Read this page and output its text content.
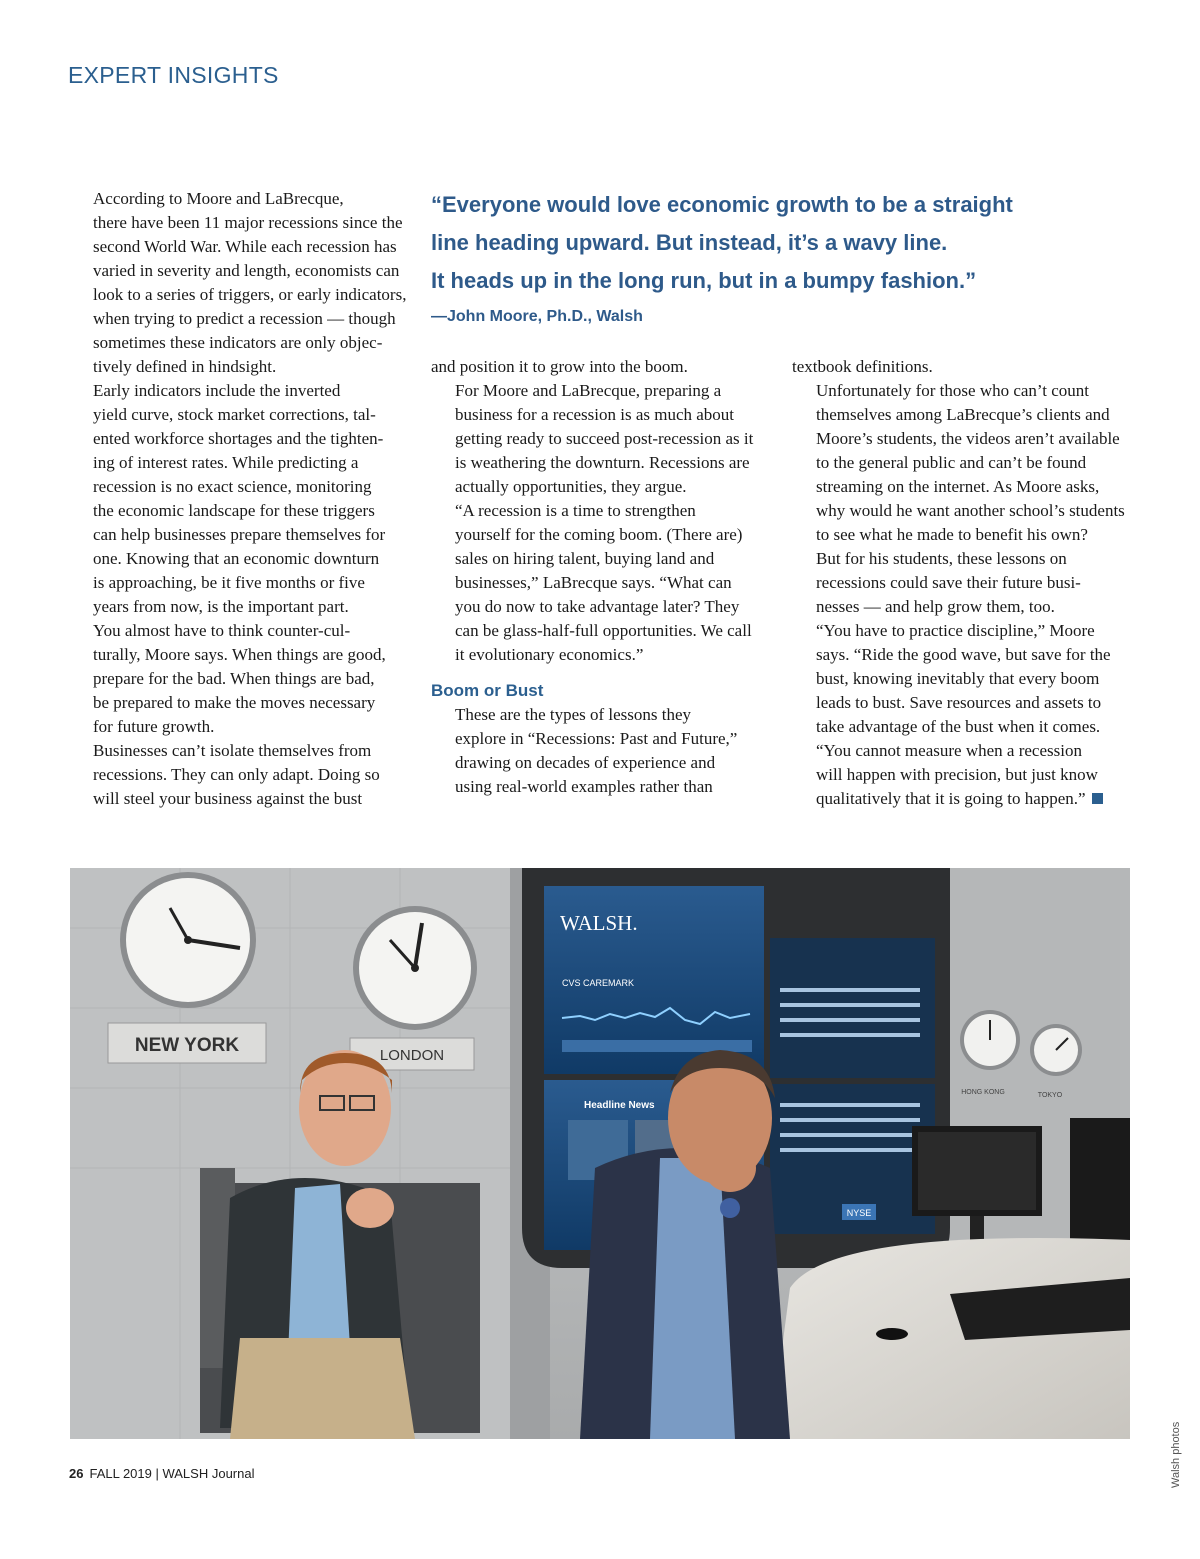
EXPERT INSIGHTS
“Everyone would love economic growth to be a straight
line heading upward. But instead, it’s a wavy line.
It heads up in the long run, but in a bumpy fashion.”
—John Moore, Ph.D., Walsh

According to Moore and LaBrecque,
there have been 11 major recessions since the
second World War. While each recession has
varied in severity and length, economists can
look to a series of triggers, or early indicators,
when trying to predict a recession — though
sometimes these indicators are only objec-
tively defined in hindsight.

Early indicators include the inverted
yield curve, stock market corrections, tal-
ented workforce shortages and the tighten-
ing of interest rates. While predicting a
recession is no exact science, monitoring
the economic landscape for these triggers
can help businesses prepare themselves for
one. Knowing that an economic downturn
is approaching, be it five months or five
years from now, is the important part.

You almost have to think counter-cul-
turally, Moore says. When things are good,
prepare for the bad. When things are bad,
be prepared to make the moves necessary
for future growth.

Businesses can’t isolate themselves from
recessions. They can only adapt. Doing so
will steel your business against the bust

and position it to grow into the boom.

For Moore and LaBrecque, preparing a
business for a recession is as much about
getting ready to succeed post-recession as it
is weathering the downturn. Recessions are
actually opportunities, they argue.

“A recession is a time to strengthen
yourself for the coming boom. (There are)
sales on hiring talent, buying land and
businesses,” LaBrecque says. “What can
you do now to take advantage later? They
can be glass-half-full opportunities. We call
it evolutionary economics.”

Boom or Bust

These are the types of lessons they
explore in “Recessions: Past and Future,”
drawing on decades of experience and
using real-world examples rather than

textbook definitions.

Unfortunately for those who can’t count
themselves among LaBrecque’s clients and
Moore’s students, the videos aren’t available
to the general public and can’t be found
streaming on the internet. As Moore asks,
why would he want another school’s students
to see what he made to benefit his own?

But for his students, these lessons on
recessions could save their future busi-
nesses — and help grow them, too.

“You have to practice discipline,” Moore
says. “Ride the good wave, but save for the
bust, knowing inevitably that every boom
leads to bust. Save resources and assets to
take advantage of the bust when it comes.

“You cannot measure when a recession
will happen with precision, but just know
qualitatively that it is going to happen.”

NEW YORK	LONDON
HONG KONG	TOKYO
WALSH.
CVS CAREMARK
Headline News
NYSE
Walsh photos
26 FALL 2019 | WALSH Journal
